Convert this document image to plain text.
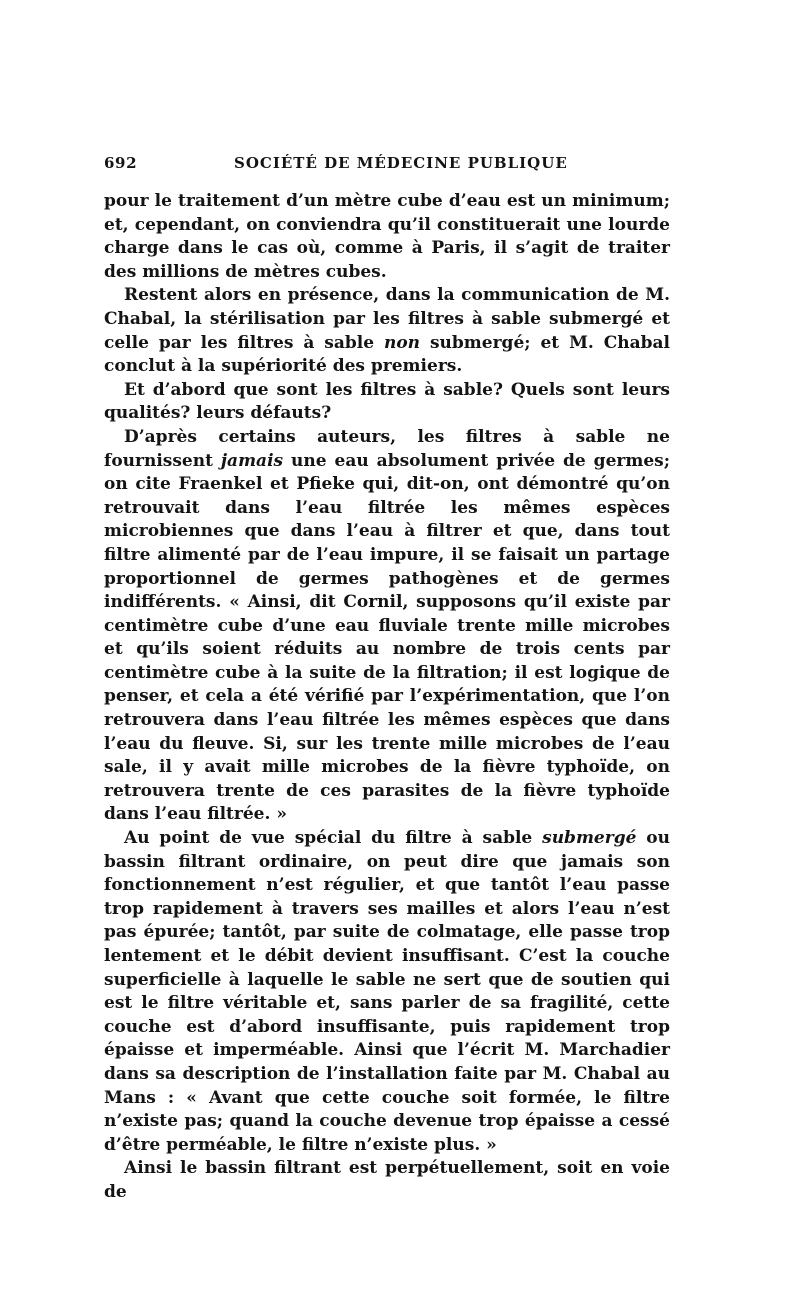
692	SOCIÉTÉ DE MÉDECINE PUBLIQUE

pour le traitement d’un mètre cube d’eau est un minimum; et, cependant, on conviendra qu’il constituerait une lourde charge dans le cas où, comme à Paris, il s’agit de traiter des millions de mètres cubes.

Restent alors en présence, dans la communication de M. Chabal, la stérilisation par les filtres à sable submergé et celle par les filtres à sable non submergé; et M. Chabal conclut à la supériorité des premiers.

Et d’abord que sont les filtres à sable? Quels sont leurs qualités? leurs défauts?

D’après certains auteurs, les filtres à sable ne fournissent jamais une eau absolument privée de germes; on cite Fraenkel et Pfieke qui, dit-on, ont démontré qu’on retrouvait dans l’eau filtrée les mêmes espèces microbiennes que dans l’eau à filtrer et que, dans tout filtre alimenté par de l’eau impure, il se faisait un partage proportionnel de germes pathogènes et de germes indifférents. « Ainsi, dit Cornil, supposons qu’il existe par centimètre cube d’une eau fluviale trente mille microbes et qu’ils soient réduits au nombre de trois cents par centimètre cube à la suite de la filtration; il est logique de penser, et cela a été vérifié par l’expérimentation, que l’on retrouvera dans l’eau filtrée les mêmes espèces que dans l’eau du fleuve. Si, sur les trente mille microbes de l’eau sale, il y avait mille microbes de la fièvre typhoïde, on retrouvera trente de ces parasites de la fièvre typhoïde dans l’eau filtrée. »

Au point de vue spécial du filtre à sable submergé ou bassin filtrant ordinaire, on peut dire que jamais son fonctionnement n’est régulier, et que tantôt l’eau passe trop rapidement à travers ses mailles et alors l’eau n’est pas épurée; tantôt, par suite de colmatage, elle passe trop lentement et le débit devient insuffisant. C’est la couche superficielle à laquelle le sable ne sert que de soutien qui est le filtre véritable et, sans parler de sa fragilité, cette couche est d’abord insuffisante, puis rapidement trop épaisse et imperméable. Ainsi que l’écrit M. Marchadier dans sa description de l’installation faite par M. Chabal au Mans : « Avant que cette couche soit formée, le filtre n’existe pas; quand la couche devenue trop épaisse a cessé d’être perméable, le filtre n’existe plus. »

Ainsi le bassin filtrant est perpétuellement, soit en voie de
